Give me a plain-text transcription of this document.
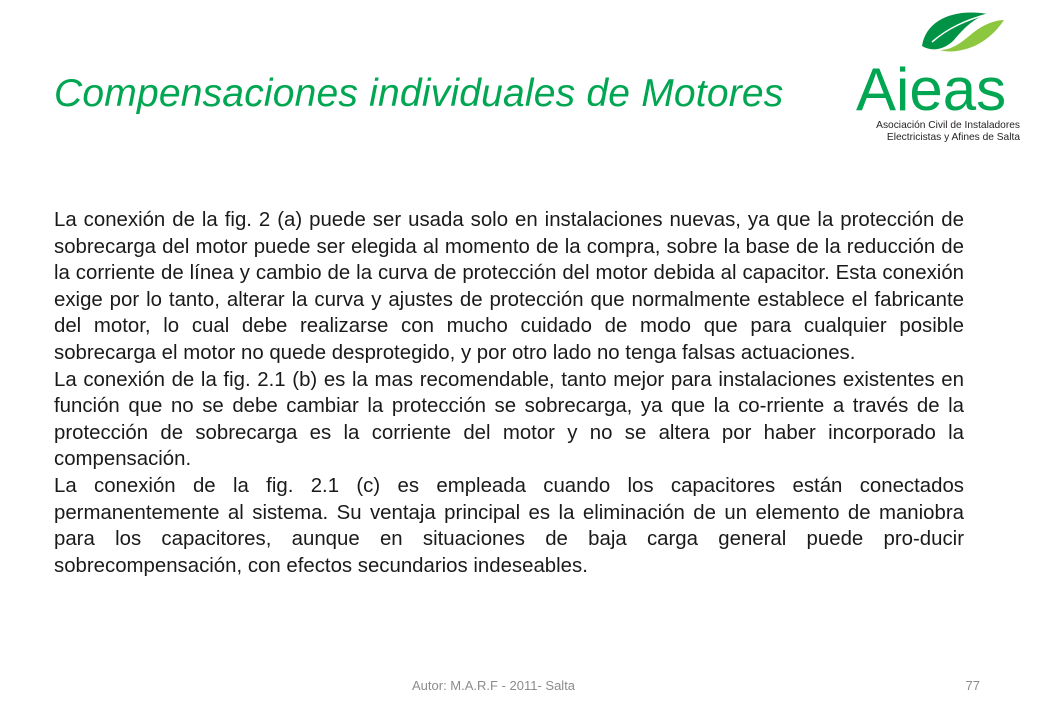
Compensaciones individuales de Motores Aieas
Asociación Civil de Instaladores
Electricistas y Afines de Salta

La conexión de la fig. 2 (a) puede ser usada solo en instalaciones nuevas, ya que la protección de sobrecarga del motor puede ser elegida al momento de la compra, sobre la base de la reducción de la corriente de línea y cambio de la curva de protección del motor debida al capacitor. Esta conexión exige por lo tanto, alterar la curva y ajustes de protección que normalmente establece el fabricante del motor, lo cual debe realizarse con mucho cuidado de modo que para cualquier posible sobrecarga el motor no quede desprotegido, y por otro lado no tenga falsas actuaciones.

La conexión de la fig. 2.1 (b) es la mas recomendable, tanto mejor para instalaciones existentes en función que no se debe cambiar la protección se sobrecarga, ya que la co-rriente a través de la protección de sobrecarga es la corriente del motor y no se altera por haber incorporado la compensación.

La conexión de la fig. 2.1 (c) es empleada cuando los capacitores están conectados permanentemente al sistema. Su ventaja principal es la eliminación de un elemento de maniobra para los capacitores, aunque en situaciones de baja carga general puede pro-ducir sobrecompensación, con efectos secundarios indeseables.

Autor: M.A.R.F - 2011- Salta	77
